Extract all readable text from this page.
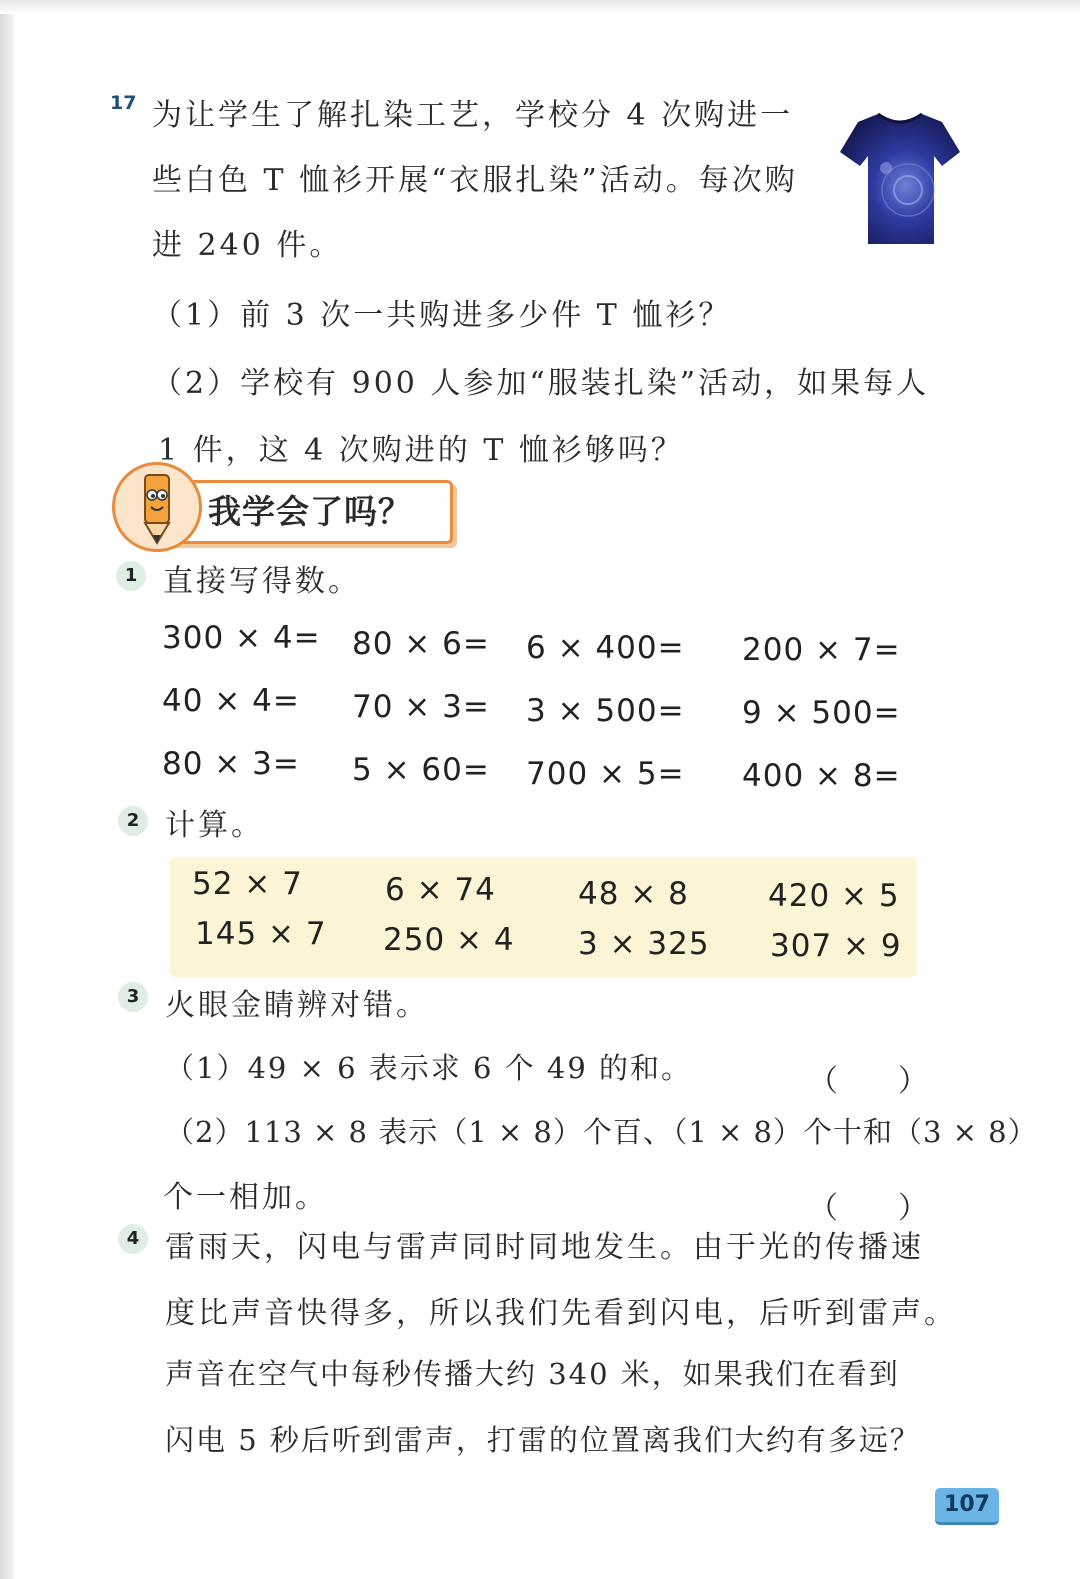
17 为让学生了解扎染工艺，学校分 4 次购进一
些白色 T 恤衫开展“衣服扎染”活动。每次购
进 240 件。
（1）前 3 次一共购进多少件 T 恤衫？
（2）学校有 900 人参加“服装扎染”活动，如果每人
1 件，这 4 次购进的 T 恤衫够吗？
我学会了吗？
1 直接写得数。
300 × 4= 80 × 6= 6 × 400= 200 × 7=
40 × 4= 70 × 3= 3 × 500= 9 × 500=
80 × 3= 5 × 60= 700 × 5= 400 × 8=
2 计算。
52 × 7	6 × 74	48 × 8	420 × 5
145 × 7 250 × 4 3 × 325 307 × 9
3 火眼金睛辨对错。
（1）49 × 6 表示求 6 个 49 的和。	（　　）
（2）113 × 8 表示（1 × 8）个百、（1 × 8）个十和（3 × 8）
个一相加。	（　　）
4 雷雨天，闪电与雷声同时同地发生。由于光的传播速
度比声音快得多，所以我们先看到闪电，后听到雷声。
声音在空气中每秒传播大约 340 米，如果我们在看到
闪电 5 秒后听到雷声，打雷的位置离我们大约有多远？
107
